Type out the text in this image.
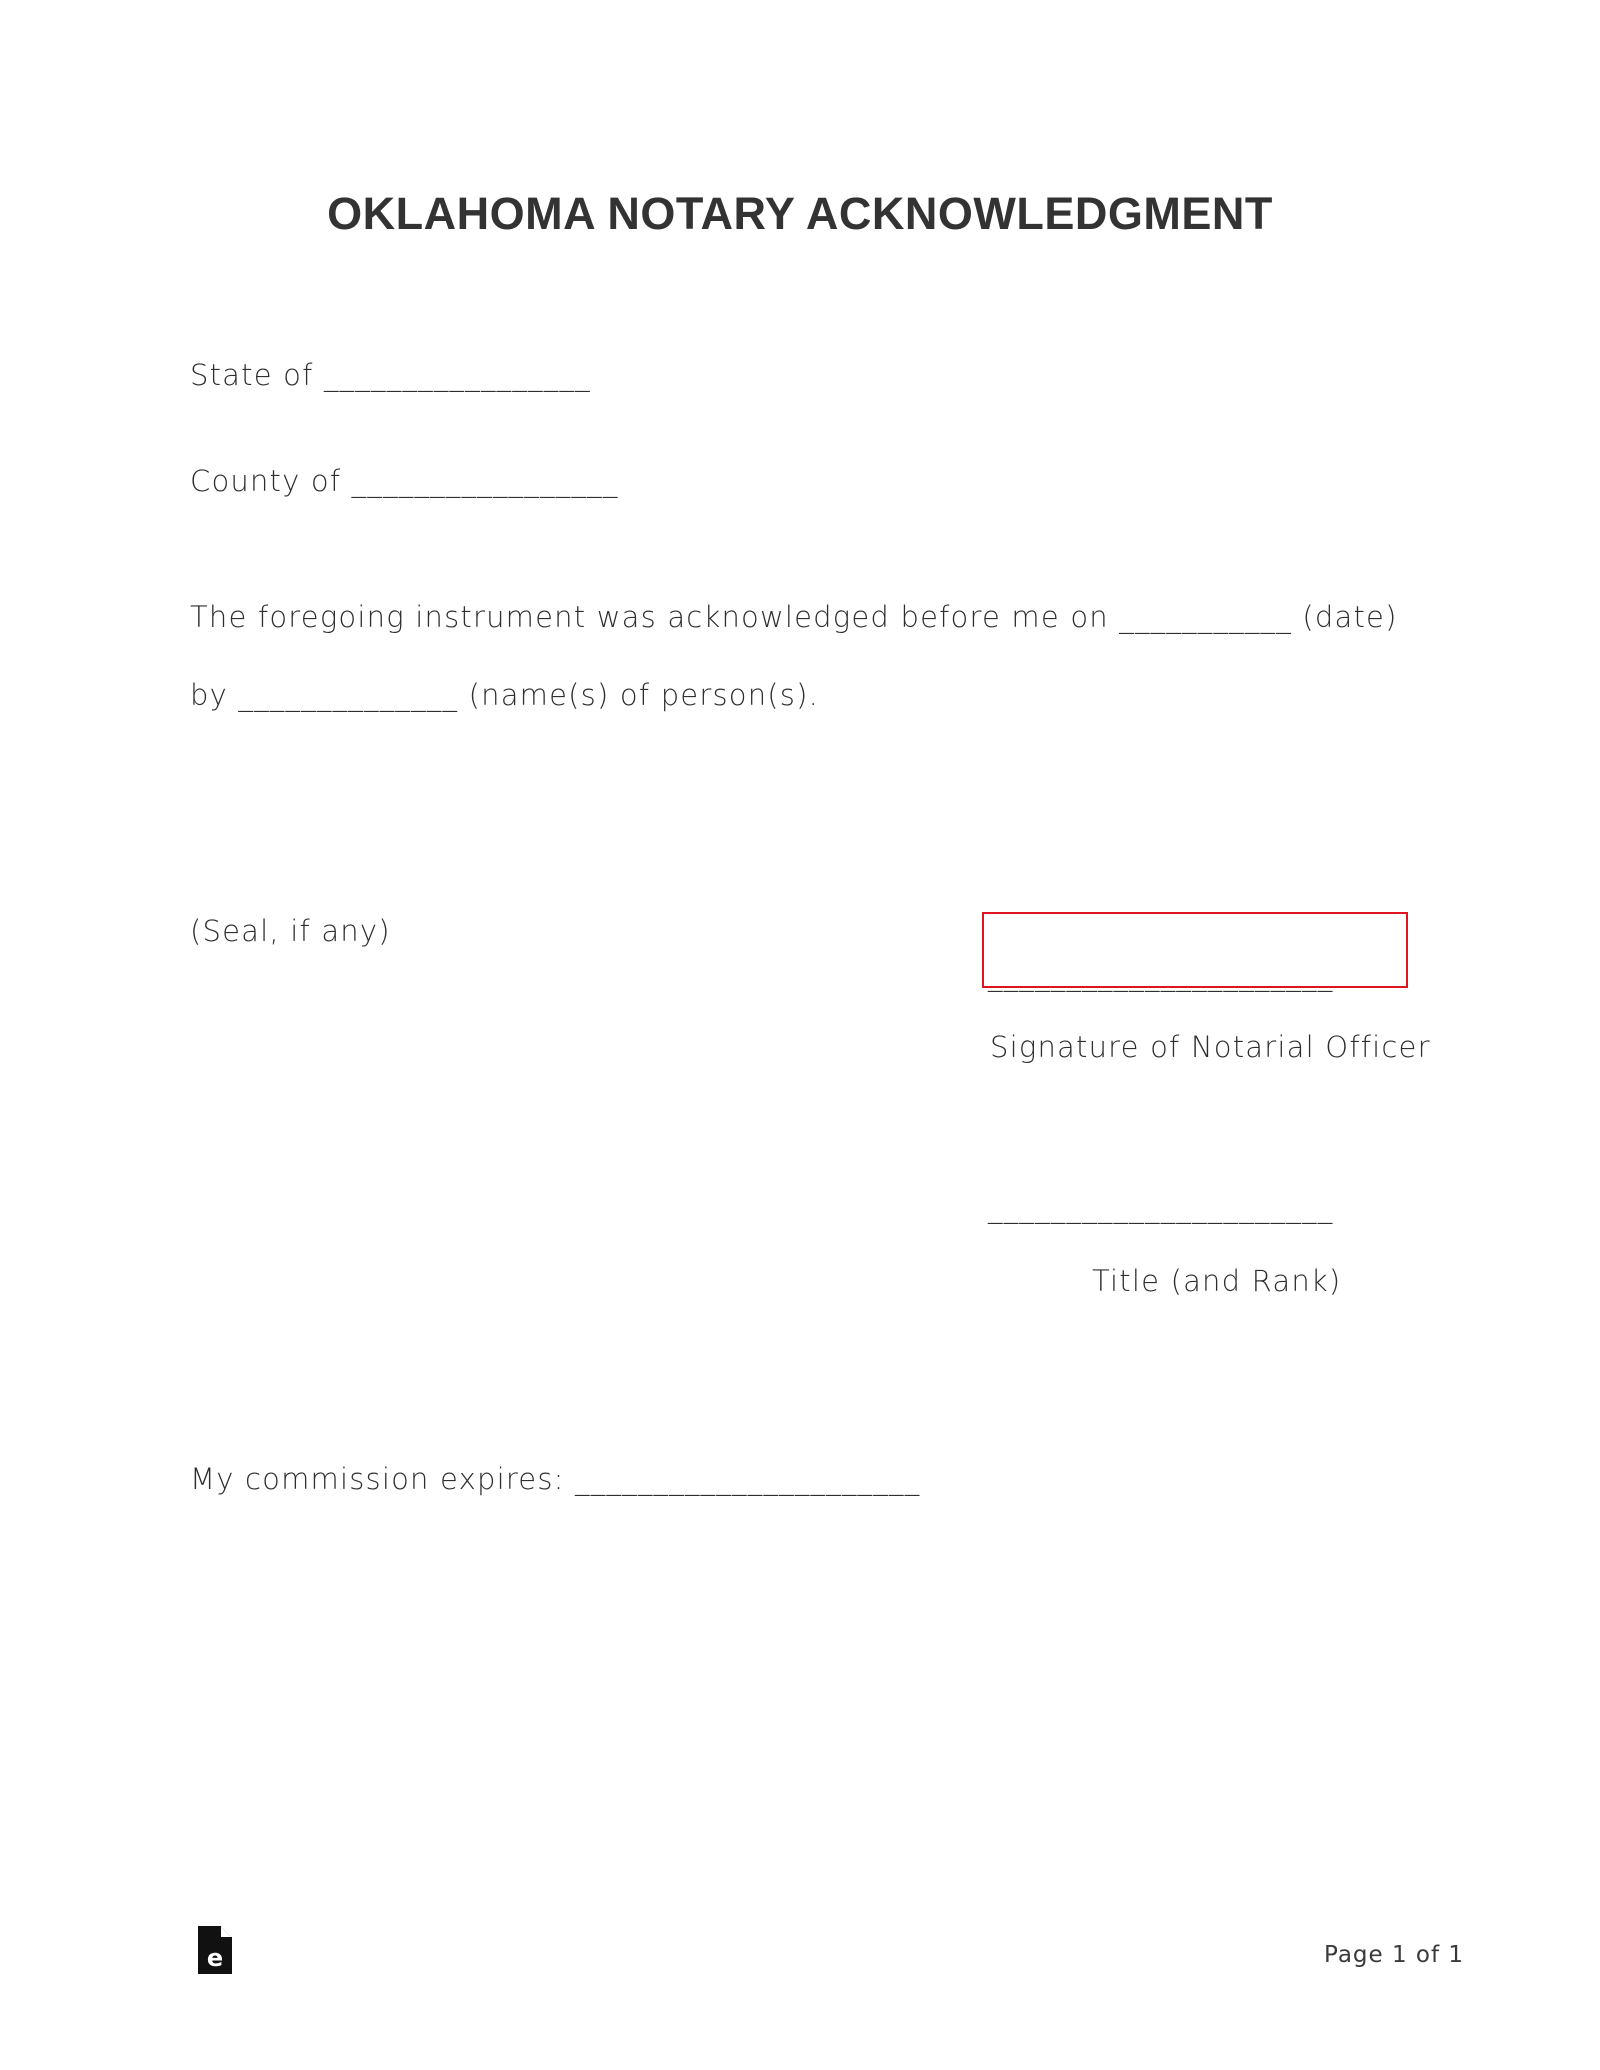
OKLAHOMA NOTARY ACKNOWLEDGMENT
State of _________________
County of _________________
The foregoing instrument was acknowledged before me on ___________ (date)
by ______________ (name(s) of person(s).
(Seal, if any)
______________________
Signature of Notarial Officer
______________________
Title (and Rank)
My commission expires: ______________________
e	Page 1 of 1
